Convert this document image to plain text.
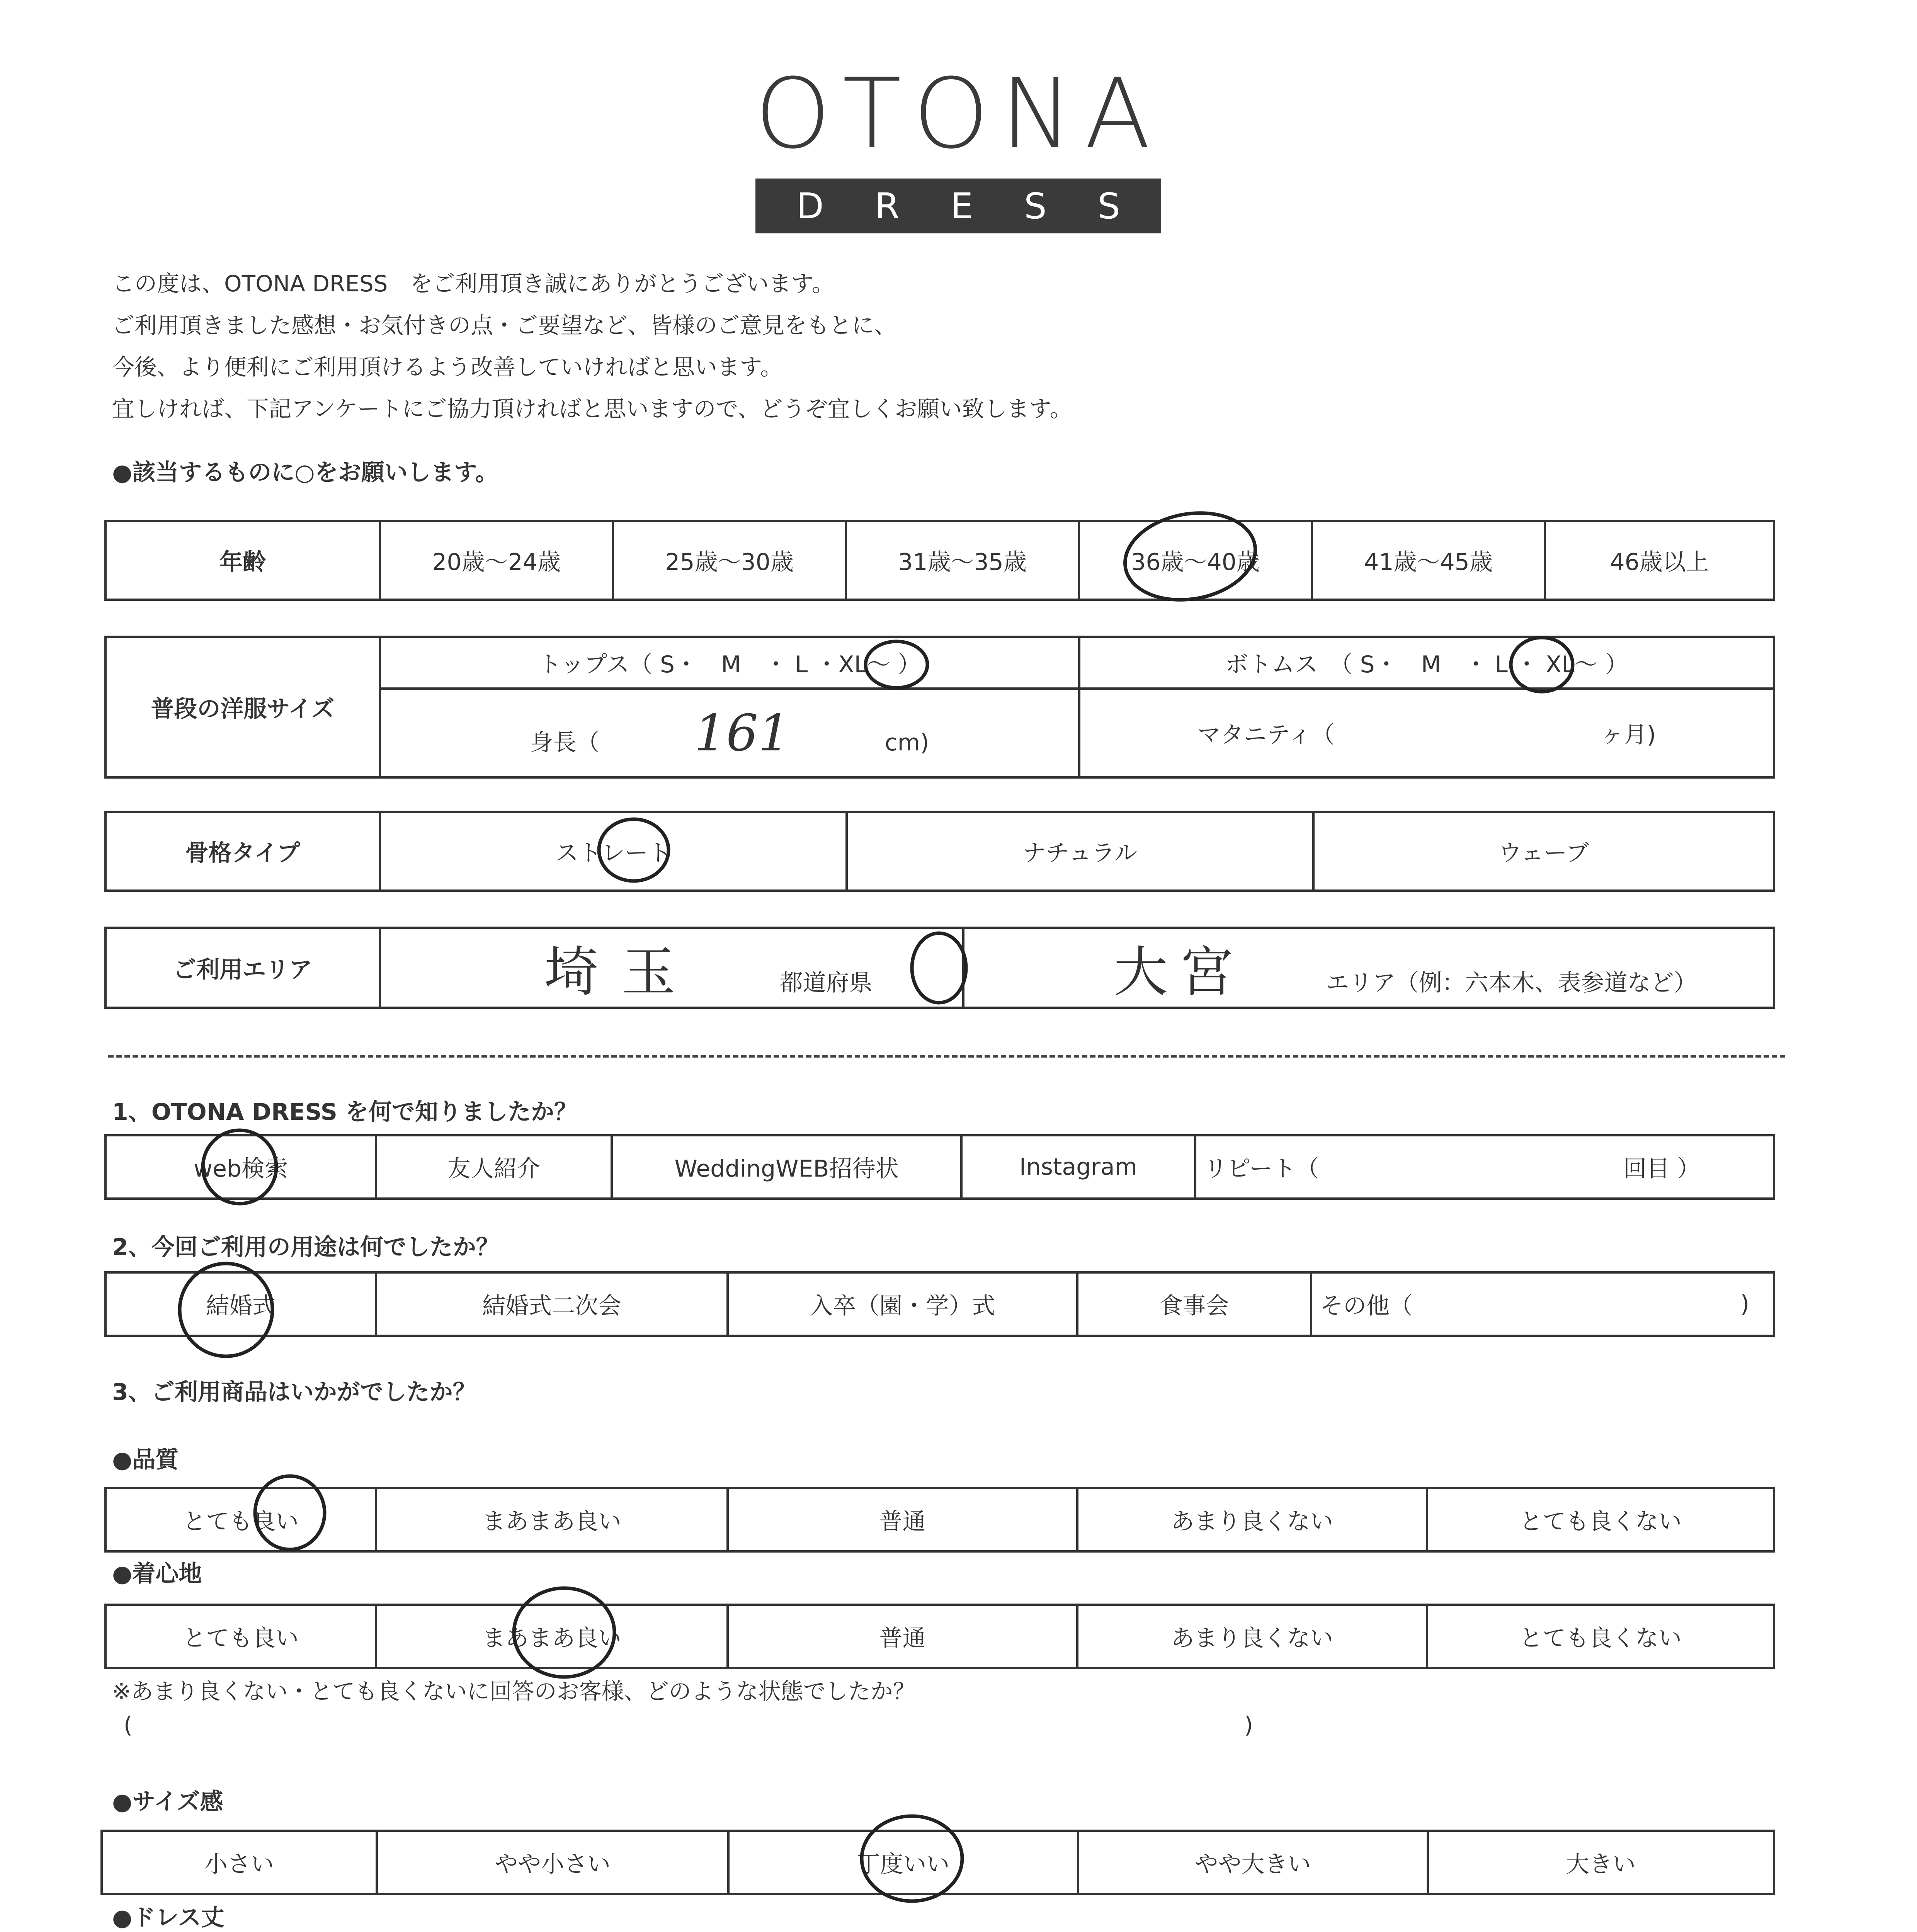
OTONA
D R E S S
この度は、OTONA DRESS　をご利用頂き誠にありがとうございます。
ご利用頂きました感想・お気付きの点・ご要望など、皆様のご意見をもとに、
今後、より便利にご利用頂けるよう改善していければと思います。
宜しければ、下記アンケートにご協力頂ければと思いますので、どうぞ宜しくお願い致します。
●該当するものに○をお願いします。
年齢	20歳～24歳	25歳～30歳	31歳～35歳	36歳～40歳	41歳～45歳	46歳以上
普段の洋服サイズ	トップス（ S・　M　・ L ・XL～ ）	ボトムス　（ S・　M　・ L ・ XL～ ）
	身長（ 161 cm)	マタニティ（ ヶ月)
骨格タイプ	ストレート	ナチュラル	ウェーブ
ご利用エリア	埼玉	都道府県	大宮	エリア（例：六本木、表参道など）
1、OTONA DRESS を何で知りましたか？
web検索	友人紹介	WeddingWEB招待状	Instagram	リピート（	回目 ）
2、今回ご利用の用途は何でしたか？
結婚式	結婚式二次会	入卒（園・学）式	食事会	その他（	)
3、ご利用商品はいかがでしたか？
●品質
とても良い	まあまあ良い	普通	あまり良くない	とても良くない
●着心地
とても良い	まあまあ良い	普通	あまり良くない	とても良くない
※あまり良くない・とても良くないに回答のお客様、どのような状態でしたか？
(	)
●サイズ感
小さい	やや小さい	丁度いい	やや大きい	大きい
●ドレス丈
